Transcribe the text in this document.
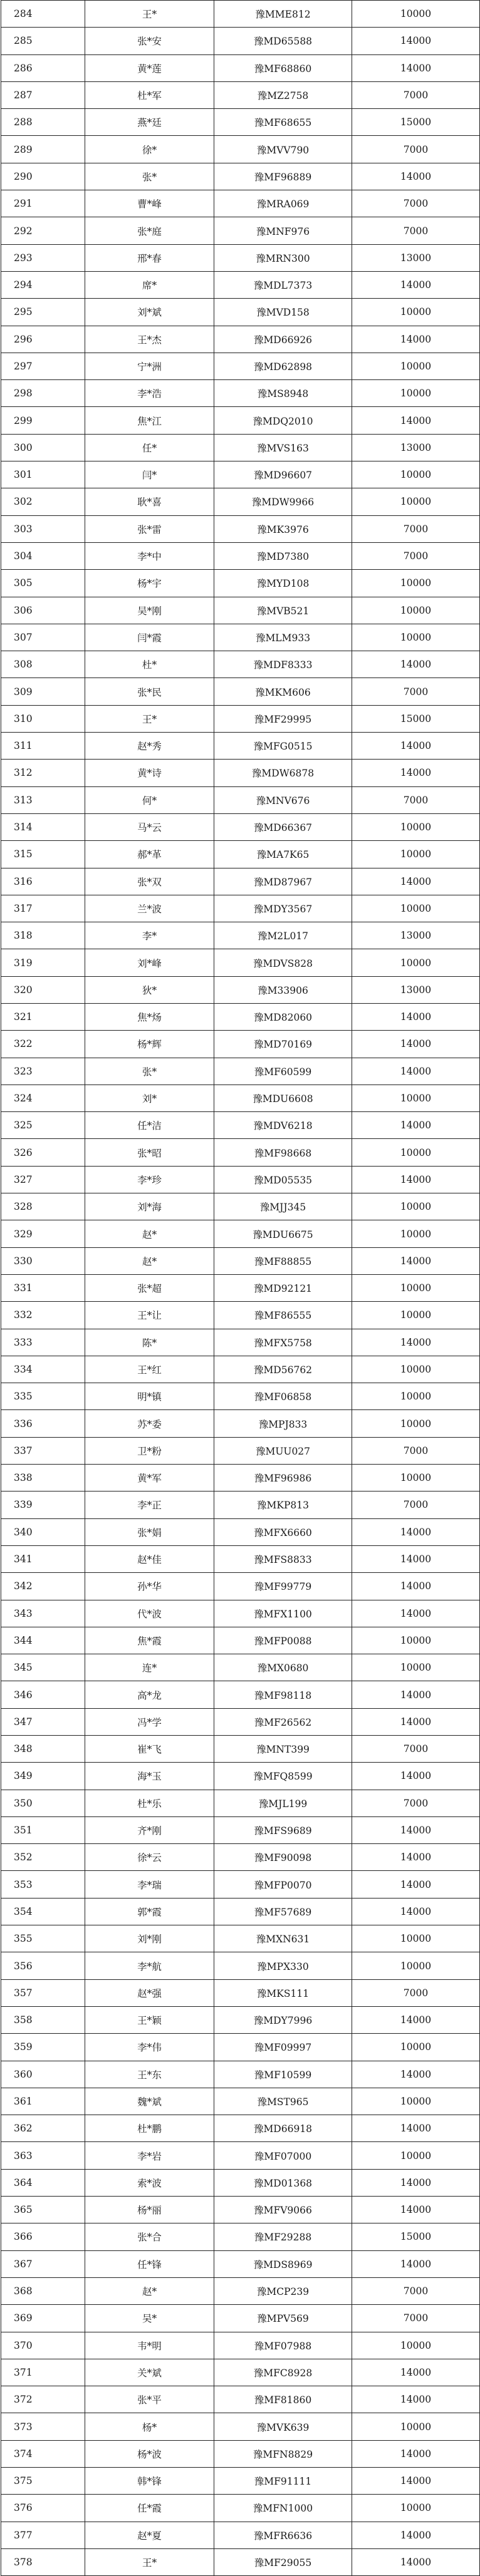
284	王*	豫MME812	10000
285	张*安	豫MD65588	14000
286	黄*莲	豫MF68860	14000
287	杜*军	豫MZ2758	7000
288	燕*廷	豫MF68655	15000
289	徐*	豫MVV790	7000
290	张*	豫MF96889	14000
291	曹*峰	豫MRA069	7000
292	张*庭	豫MNF976	7000
293	邢*春	豫MRN300	13000
294	席*	豫MDL7373	14000
295	刘*斌	豫MVD158	10000
296	王*杰	豫MD66926	14000
297	宁*洲	豫MD62898	10000
298	李*浩	豫MS8948	10000
299	焦*江	豫MDQ2010	14000
300	任*	豫MVS163	13000
301	闫*	豫MD96607	10000
302	耿*喜	豫MDW9966	10000
303	张*雷	豫MK3976	7000
304	李*中	豫MD7380	7000
305	杨*宇	豫MYD108	10000
306	吴*刚	豫MVB521	10000
307	闫*霞	豫MLM933	10000
308	杜*	豫MDF8333	14000
309	张*民	豫MKM606	7000
310	王*	豫MF29995	15000
311	赵*秀	豫MFG0515	14000
312	黄*诗	豫MDW6878	14000
313	何*	豫MNV676	7000
314	马*云	豫MD66367	10000
315	郝*革	豫MA7K65	10000
316	张*双	豫MD87967	14000
317	兰*波	豫MDY3567	10000
318	李*	豫M2L017	13000
319	刘*峰	豫MDVS828	10000
320	狄*	豫M33906	13000
321	焦*炀	豫MD82060	14000
322	杨*辉	豫MD70169	14000
323	张*	豫MF60599	14000
324	刘*	豫MDU6608	10000
325	任*洁	豫MDV6218	14000
326	张*昭	豫MF98668	10000
327	李*珍	豫MD05535	14000
328	刘*海	豫MJJ345	10000
329	赵*	豫MDU6675	10000
330	赵*	豫MF88855	14000
331	张*超	豫MD92121	10000
332	王*让	豫MF86555	10000
333	陈*	豫MFX5758	14000
334	王*红	豫MD56762	10000
335	明*镇	豫MF06858	10000
336	苏*委	豫MPJ833	10000
337	卫*粉	豫MUU027	7000
338	黄*军	豫MF96986	10000
339	李*正	豫MKP813	7000
340	张*娟	豫MFX6660	14000
341	赵*佳	豫MFS8833	14000
342	孙*华	豫MF99779	14000
343	代*波	豫MFX1100	14000
344	焦*霞	豫MFP0088	10000
345	连*	豫MX0680	10000
346	高*龙	豫MF98118	14000
347	冯*学	豫MF26562	14000
348	崔*飞	豫MNT399	7000
349	海*玉	豫MFQ8599	14000
350	杜*乐	豫MJL199	7000
351	齐*刚	豫MFS9689	14000
352	徐*云	豫MF90098	14000
353	李*瑞	豫MFP0070	14000
354	郭*霞	豫MF57689	14000
355	刘*刚	豫MXN631	10000
356	李*航	豫MPX330	10000
357	赵*强	豫MKS111	7000
358	王*颖	豫MDY7996	14000
359	李*伟	豫MF09997	10000
360	王*东	豫MF10599	14000
361	魏*斌	豫MST965	10000
362	杜*鹏	豫MD66918	14000
363	李*岩	豫MF07000	10000
364	索*波	豫MD01368	14000
365	杨*丽	豫MFV9066	14000
366	张*合	豫MF29288	15000
367	任*锋	豫MDS8969	14000
368	赵*	豫MCP239	7000
369	吴*	豫MPV569	7000
370	韦*明	豫MF07988	10000
371	关*斌	豫MFC8928	14000
372	张*平	豫MF81860	14000
373	杨*	豫MVK639	10000
374	杨*波	豫MFN8829	14000
375	韩*锋	豫MF91111	14000
376	任*霞	豫MFN1000	10000
377	赵*夏	豫MFR6636	14000
378	王*	豫MF29055	14000
